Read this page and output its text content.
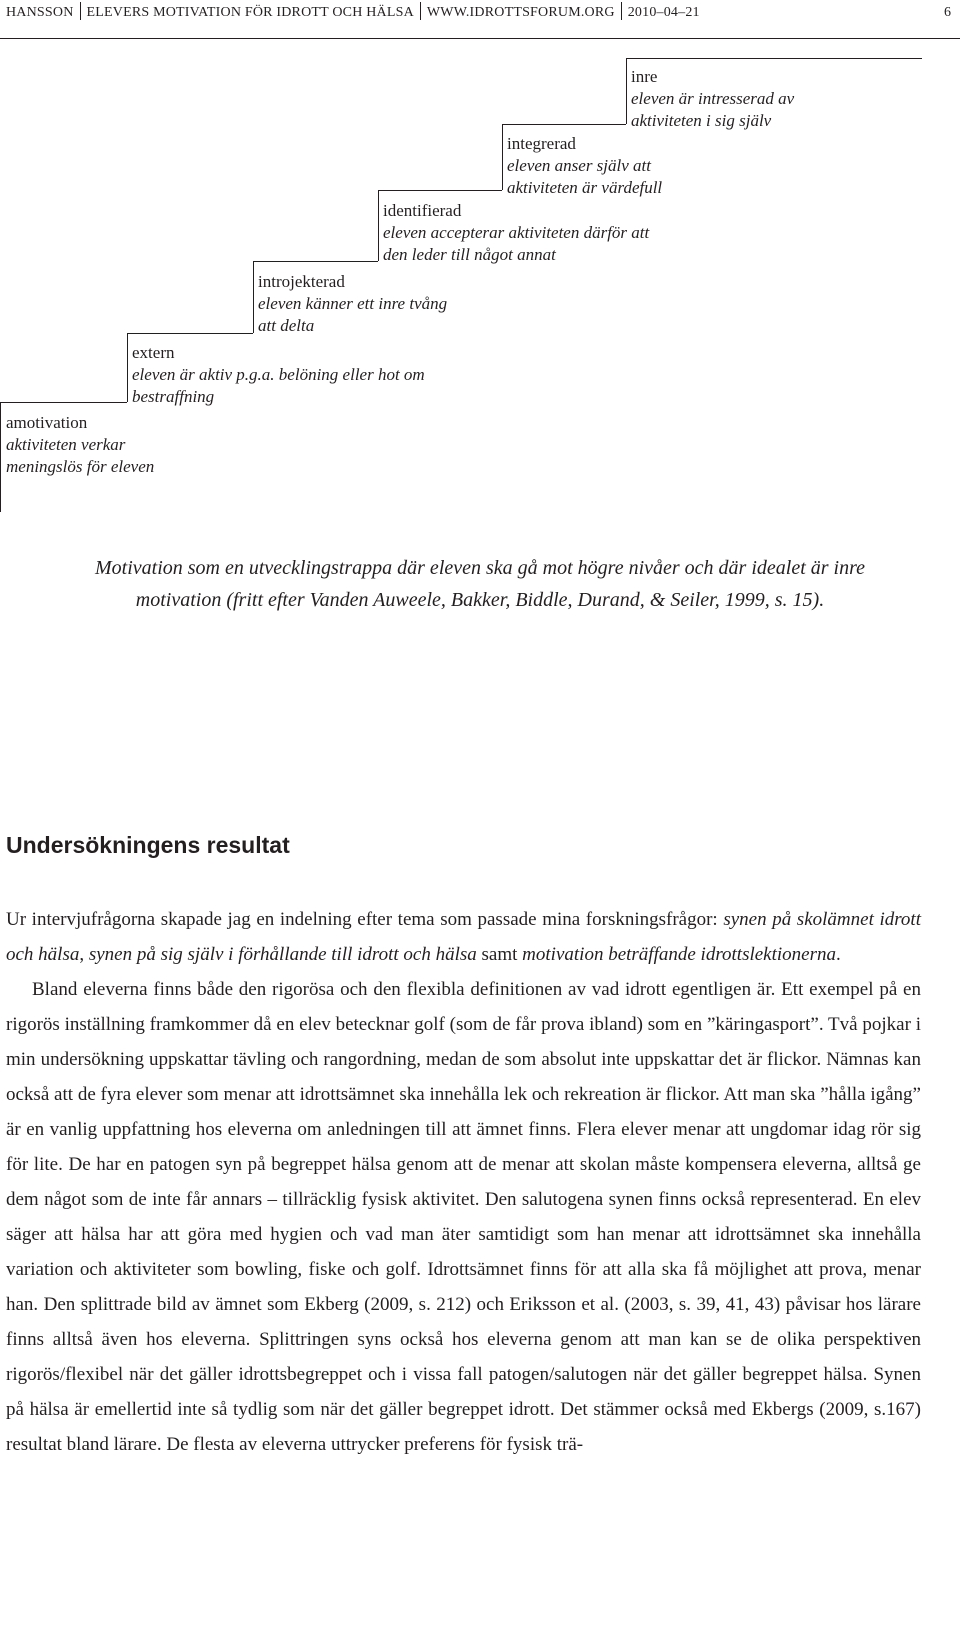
HANSSON ELEVERS MOTIVATION FÖR IDROTT OCH HÄLSA WWW.IDROTTSFORUM.ORG 2010–04–21	6
amotivation
aktiviteten verkar
meningslös för eleven
extern
eleven är aktiv p.g.a. belöning eller hot om
bestraffning
introjekterad
eleven känner ett inre tvång
att delta
identifierad
eleven accepterar aktiviteten därför att
den leder till något annat
integrerad
eleven anser själv att
aktiviteten är värdefull
inre
eleven är intresserad av
aktiviteten i sig själv
Motivation som en utvecklingstrappa där eleven ska gå mot högre nivåer och där idealet är inre motivation (fritt efter Vanden Auweele, Bakker, Biddle, Durand, & Seiler, 1999, s. 15).
Undersökningens resultat

Ur intervjufrågorna skapade jag en indelning efter tema som passade mina forskningsfrågor: synen på skolämnet idrott och hälsa, synen på sig själv i förhållande till idrott och hälsa samt motivation beträffande idrottslektionerna.

Bland eleverna finns både den rigorösa och den flexibla definitionen av vad idrott egentligen är. Ett exempel på en rigorös inställning framkommer då en elev betecknar golf (som de får prova ibland) som en ”käringasport”. Två pojkar i min undersökning uppskattar tävling och rangordning, medan de som absolut inte uppskattar det är flickor. Nämnas kan också att de fyra elever som menar att idrottsämnet ska innehålla lek och rekreation är flickor. Att man ska ”hålla igång” är en vanlig uppfattning hos eleverna om anledningen till att ämnet finns. Flera elever menar att ungdomar idag rör sig för lite. De har en patogen syn på begreppet hälsa genom att de menar att skolan måste kompensera eleverna, alltså ge dem något som de inte får annars – tillräcklig fysisk aktivitet. Den salutogena synen finns också representerad. En elev säger att hälsa har att göra med hygien och vad man äter samtidigt som han menar att idrottsämnet ska innehålla variation och aktiviteter som bowling, fiske och golf. Idrottsämnet finns för att alla ska få möjlighet att prova, menar han. Den splittrade bild av ämnet som Ekberg (2009, s. 212) och Eriksson et al. (2003, s. 39, 41, 43) påvisar hos lärare finns alltså även hos eleverna. Splittringen syns också hos eleverna genom att man kan se de olika perspektiven rigorös/flexibel när det gäller idrottsbegreppet och i vissa fall patogen/salutogen när det gäller begreppet hälsa. Synen på hälsa är emellertid inte så tydlig som när det gäller begreppet idrott. Det stämmer också med Ekbergs (2009, s.167) resultat bland lärare. De flesta av eleverna uttrycker preferens för fysisk trä-
